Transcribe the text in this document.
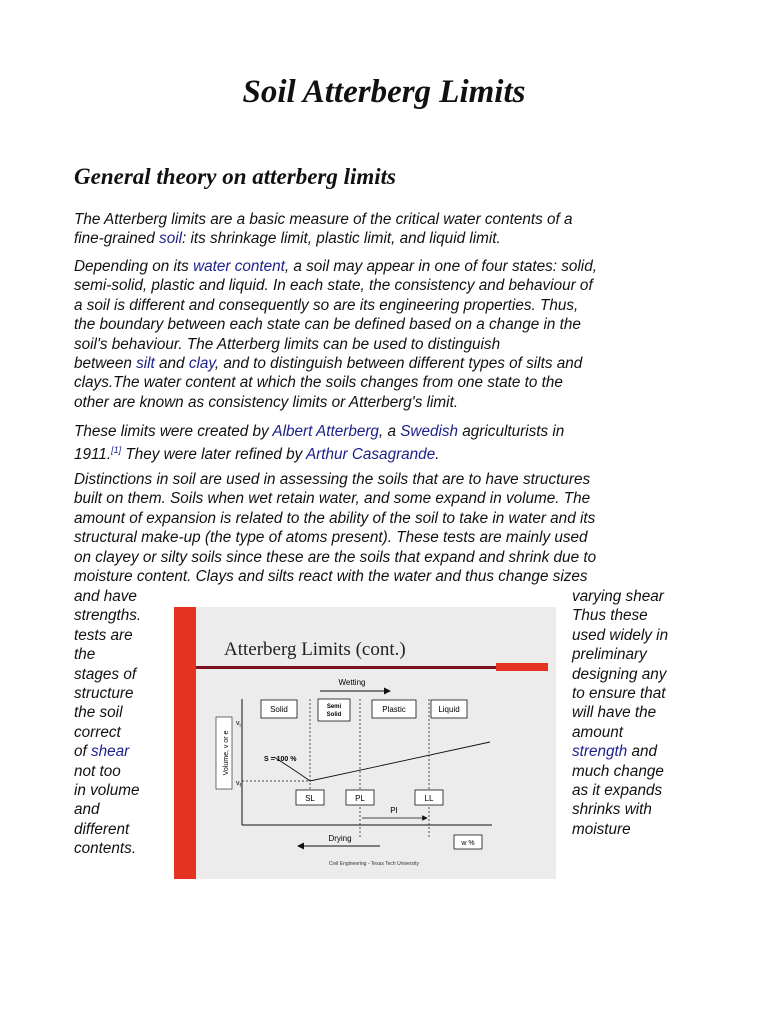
Soil Atterberg Limits
General theory on atterberg limits

The Atterberg limits are a basic measure of the critical water contents of a
fine-grained soil: its shrinkage limit, plastic limit, and liquid limit.

Depending on its water content, a soil may appear in one of four states: solid,
semi-solid, plastic and liquid. In each state, the consistency and behaviour of
a soil is different and consequently so are its engineering properties. Thus,
the boundary between each state can be defined based on a change in the
soil's behaviour. The Atterberg limits can be used to distinguish
between silt and clay, and to distinguish between different types of silts and
clays.The water content at which the soils changes from one state to the
other are known as consistency limits or Atterberg's limit.

These limits were created by Albert Atterberg, a Swedish agriculturists in
1911.[1] They were later refined by Arthur Casagrande.

Distinctions in soil are used in assessing the soils that are to have structures
built on them. Soils when wet retain water, and some expand in volume. The
amount of expansion is related to the ability of the soil to take in water and its
structural make-up (the type of atoms present). These tests are mainly used
on clayey or silty soils since these are the soils that expand and shrink due to
moisture content. Clays and silts react with the water and thus change sizes

and have
strengths.
tests are
the
stages of
structure
the soil
correct
of shear
not too
in volume
and
different
contents.
varying shear
Thus these
used widely in
preliminary
designing any
to ensure that
will have the
amount
strength and
much change
as it expands
shrinks with
moisture
Atterberg Limits (cont.)
Wetting
Solid	Semi
Solid
Plastic	Liquid
Volume, v or e
$v_i$
$v_f$
S = 100 %
SL	PL	LL
PI
Drying
w %
Civil Engineering - Texas Tech University
